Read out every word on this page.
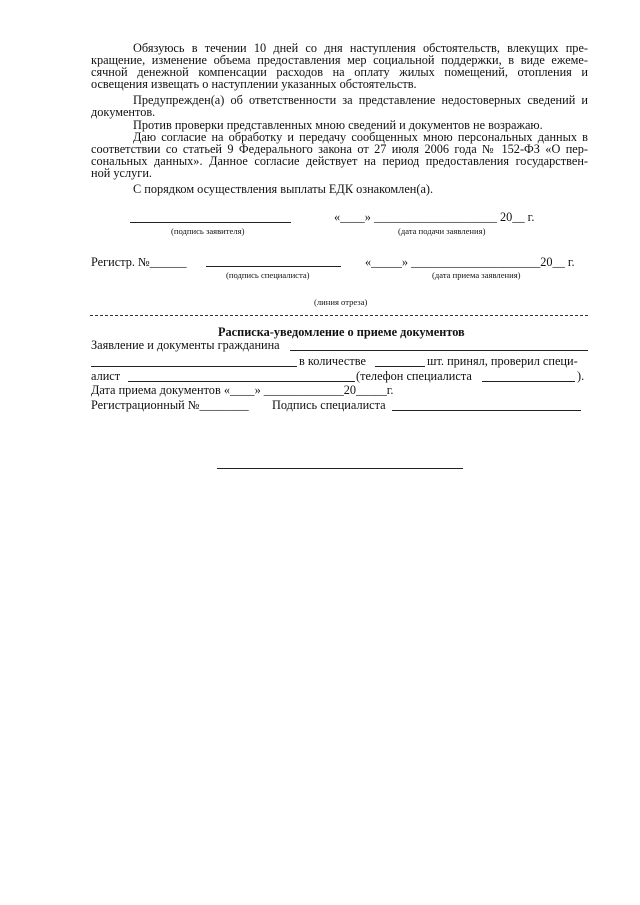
Обязуюсь в течении 10 дней со дня наступления обстоятельств, влекущих пре-
кращение, изменение объема предоставления мер социальной поддержки, в виде ежеме-
сячной денежной компенсации расходов на оплату жилых помещений, отопления и
освещения извещать о наступлении указанных обстоятельств.
Предупрежден(а) об ответственности за представление недостоверных сведений и
документов.
Против проверки представленных мною сведений и документов не возражаю.
Даю согласие на обработку и передачу сообщенных мною персональных данных в
соответствии со статьей 9 Федерального закона от 27 июля 2006 года № 152-ФЗ «О пер-
сональных данных». Данное согласие действует на период предоставления государствен-
ной услуги.
С порядком осуществления выплаты ЕДК ознакомлен(а).
«____» ____________________ 20__ г.
(подпись заявителя)	(дата подачи заявления)
Регистр. №______	«_____» _____________________20__ г.
(подпись специалиста)	(дата приема заявления)
(линия отреза)
Расписка-уведомление о приеме документов
Заявление и документы гражданина
в количестве	шт. принял, проверил специ-
алист	(телефон специалиста	).
Дата приема документов «____» _____________20_____г.
Регистрационный №________ Подпись специалиста
